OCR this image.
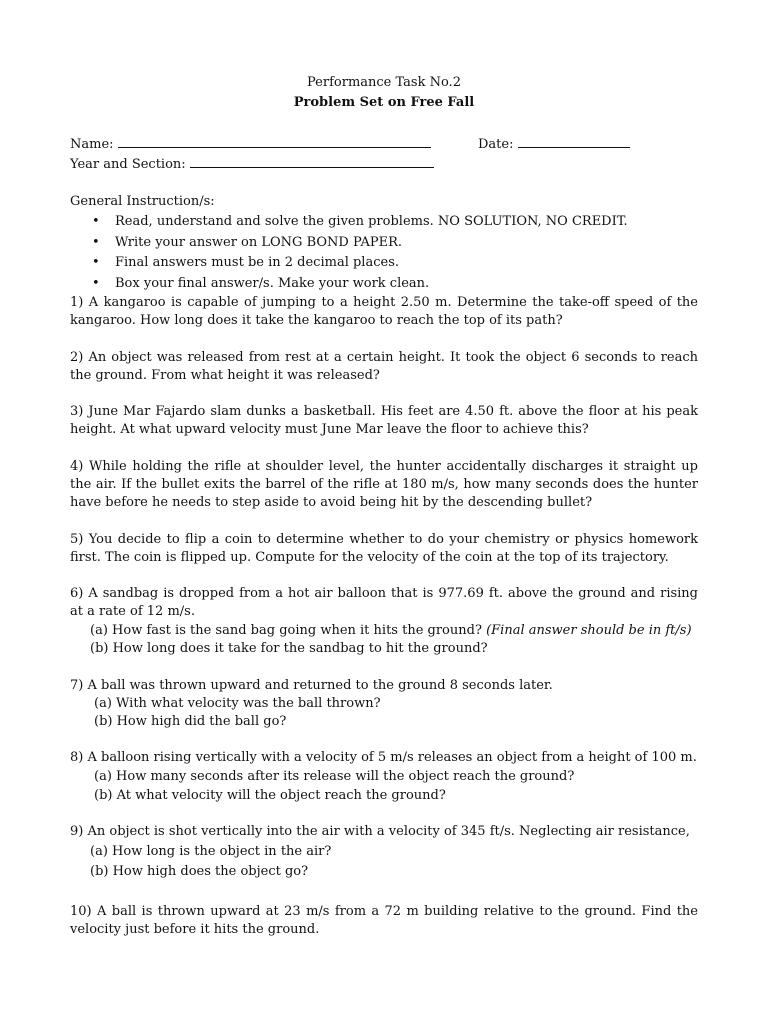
Performance Task No.2
Problem Set on Free Fall
Name:	Date:
Year and Section:
General Instruction/s:
• Read, understand and solve the given problems. NO SOLUTION, NO CREDIT.
• Write your answer on LONG BOND PAPER.
• Final answers must be in 2 decimal places.
• Box your final answer/s. Make your work clean.
1) A kangaroo is capable of jumping to a height 2.50 m. Determine the take-off speed of the kangaroo. How long does it take the kangaroo to reach the top of its path?
2) An object was released from rest at a certain height. It took the object 6 seconds to reach the ground. From what height it was released?
3) June Mar Fajardo slam dunks a basketball. His feet are 4.50 ft. above the floor at his peak height. At what upward velocity must June Mar leave the floor to achieve this?
4) While holding the rifle at shoulder level, the hunter accidentally discharges it straight up the air. If the bullet exits the barrel of the rifle at 180 m/s, how many seconds does the hunter have before he needs to step aside to avoid being hit by the descending bullet?
5) You decide to flip a coin to determine whether to do your chemistry or physics homework first. The coin is flipped up. Compute for the velocity of the coin at the top of its trajectory.
6) A sandbag is dropped from a hot air balloon that is 977.69 ft. above the ground and rising at a rate of 12 m/s.
(a) How fast is the sand bag going when it hits the ground? (Final answer should be in ft/s)
(b) How long does it take for the sandbag to hit the ground?
7) A ball was thrown upward and returned to the ground 8 seconds later.
(a) With what velocity was the ball thrown?
(b) How high did the ball go?
8) A balloon rising vertically with a velocity of 5 m/s releases an object from a height of 100 m.
(a) How many seconds after its release will the object reach the ground?
(b) At what velocity will the object reach the ground?
9) An object is shot vertically into the air with a velocity of 345 ft/s. Neglecting air resistance,
(a) How long is the object in the air?
(b) How high does the object go?
10) A ball is thrown upward at 23 m/s from a 72 m building relative to the ground. Find the velocity just before it hits the ground.
